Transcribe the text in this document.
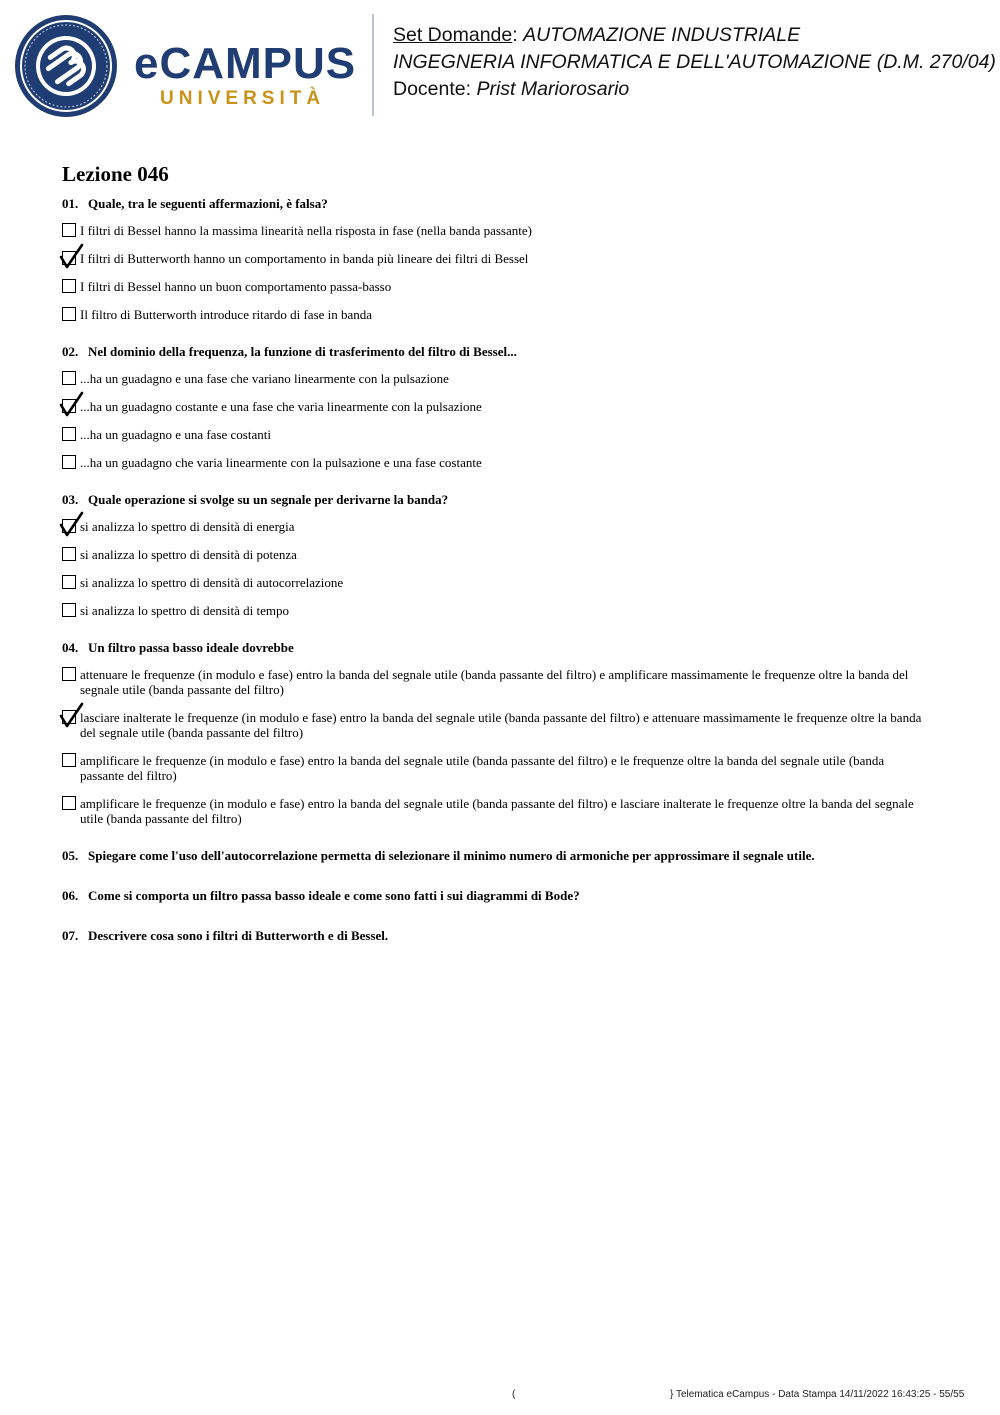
eCAMPUS
UNIVERSITÀ
Set Domande: AUTOMAZIONE INDUSTRIALE
INGEGNERIA INFORMATICA E DELL'AUTOMAZIONE (D.M. 270/04)
Docente: Prist Mariorosario
Lezione 046
01. Quale, tra le seguenti affermazioni, è falsa?
I filtri di Bessel hanno la massima linearità nella risposta in fase (nella banda passante)
I filtri di Butterworth hanno un comportamento in banda più lineare dei filtri di Bessel
I filtri di Bessel hanno un buon comportamento passa-basso
Il filtro di Butterworth introduce ritardo di fase in banda
02. Nel dominio della frequenza, la funzione di trasferimento del filtro di Bessel...
...ha un guadagno e una fase che variano linearmente con la pulsazione
...ha un guadagno costante e una fase che varia linearmente con la pulsazione
...ha un guadagno e una fase costanti
...ha un guadagno che varia linearmente con la pulsazione e una fase costante
03. Quale operazione si svolge su un segnale per derivarne la banda?
si analizza lo spettro di densità di energia
si analizza lo spettro di densità di potenza
si analizza lo spettro di densità di autocorrelazione
si analizza lo spettro di densità di tempo
04. Un filtro passa basso ideale dovrebbe
attenuare le frequenze (in modulo e fase) entro la banda del segnale utile (banda passante del filtro) e amplificare massimamente le frequenze oltre la banda del segnale utile (banda passante del filtro)
lasciare inalterate le frequenze (in modulo e fase) entro la banda del segnale utile (banda passante del filtro) e attenuare massimamente le frequenze oltre la banda del segnale utile (banda passante del filtro)
amplificare le frequenze (in modulo e fase) entro la banda del segnale utile (banda passante del filtro) e le frequenze oltre la banda del segnale utile (banda passante del filtro)
amplificare le frequenze (in modulo e fase) entro la banda del segnale utile (banda passante del filtro) e lasciare inalterate le frequenze oltre la banda del segnale utile (banda passante del filtro)
05. Spiegare come l'uso dell'autocorrelazione permetta di selezionare il minimo numero di armoniche per approssimare il segnale utile.
06. Come si comporta un filtro passa basso ideale e come sono fatti i sui diagrammi di Bode?
07. Descrivere cosa sono i filtri di Butterworth e di Bessel.
(	} Telematica eCampus - Data Stampa 14/11/2022 16:43:25 - 55/55
